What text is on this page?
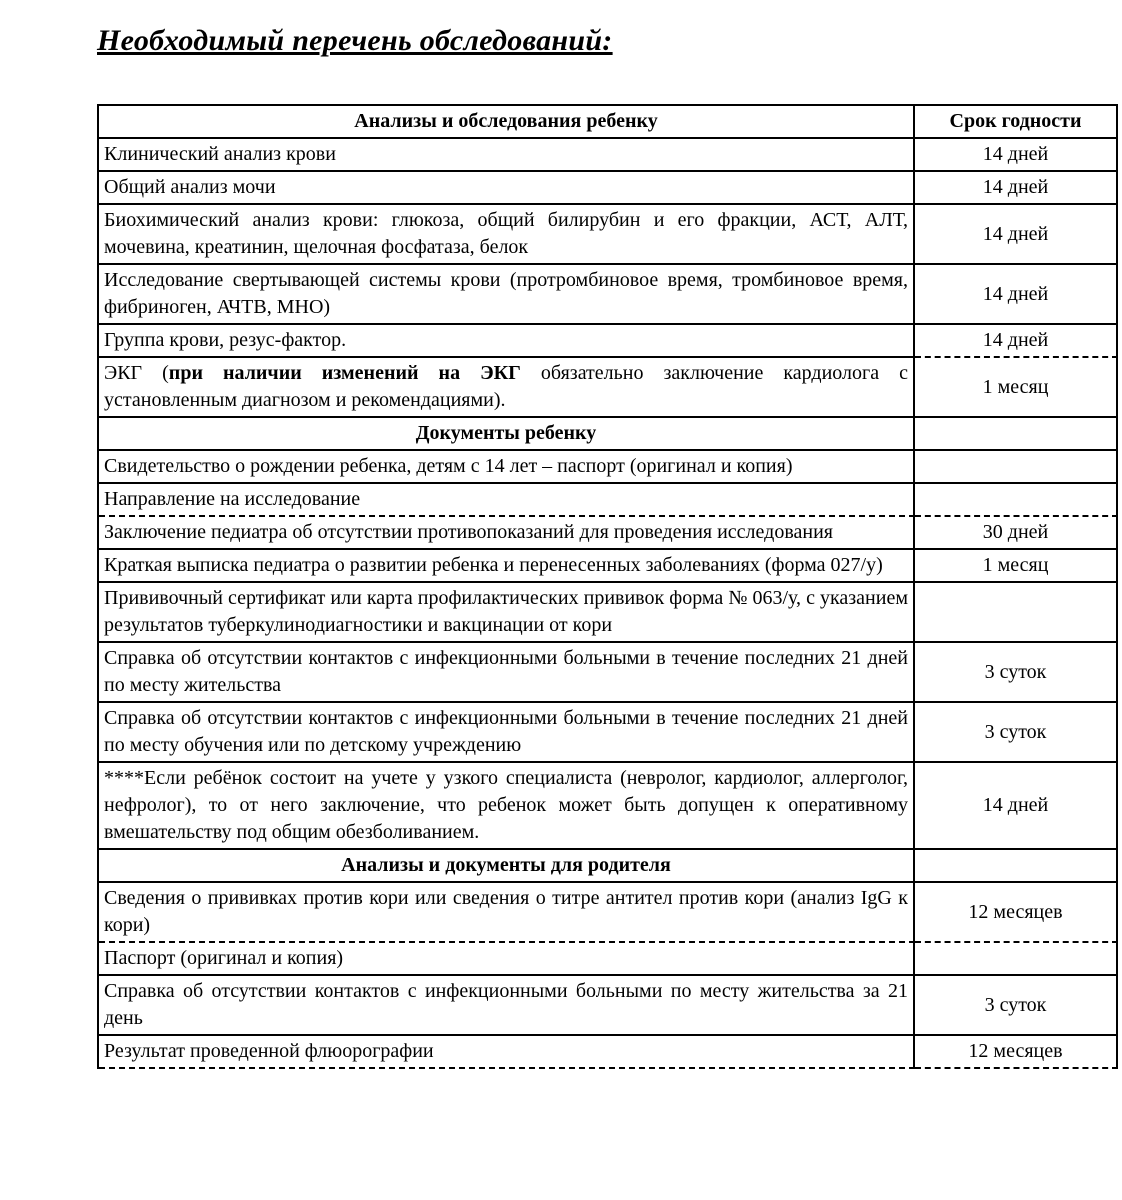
Необходимый перечень обследований:
Анализы и обследования ребенку	Срок годности
Клинический анализ крови	14 дней
Общий анализ мочи	14 дней
Биохимический анализ крови: глюкоза, общий билирубин и его фракции, АСТ, АЛТ, мочевина, креатинин, щелочная фосфатаза, белок	14 дней
Исследование свертывающей системы крови (протромбиновое время, тромбиновое время, фибриноген, АЧТВ, МНО)	14 дней
Группа крови, резус-фактор.	14 дней
ЭКГ (при наличии изменений на ЭКГ обязательно заключение кардиолога с установленным диагнозом и рекомендациями).	1 месяц
Документы ребенку	
Свидетельство о рождении ребенка, детям с 14 лет – паспорт (оригинал и копия)	
Направление на исследование	
Заключение педиатра об отсутствии противопоказаний для проведения исследования	30 дней
Краткая выписка педиатра о развитии ребенка и перенесенных заболеваниях (форма 027/у)	1 месяц
Прививочный сертификат или карта профилактических прививок форма № 063/у, с указанием результатов туберкулинодиагностики и вакцинации от кори	
Справка об отсутствии контактов с инфекционными больными в течение последних 21 дней по месту жительства	3 суток
Справка об отсутствии контактов с инфекционными больными в течение последних 21 дней по месту обучения или по детскому учреждению	3 суток
****Если ребёнок состоит на учете у узкого специалиста (невролог, кардиолог, аллерголог, нефролог), то от него заключение, что ребенок может быть допущен к оперативному вмешательству под общим обезболиванием.	14 дней
Анализы и документы для родителя	
Сведения о прививках против кори или сведения о титре антител против кори (анализ IgG к кори)	12 месяцев
Паспорт (оригинал и копия)	
Справка об отсутствии контактов с инфекционными больными по месту жительства за 21 день	3 суток
Результат проведенной флюорографии	12 месяцев
